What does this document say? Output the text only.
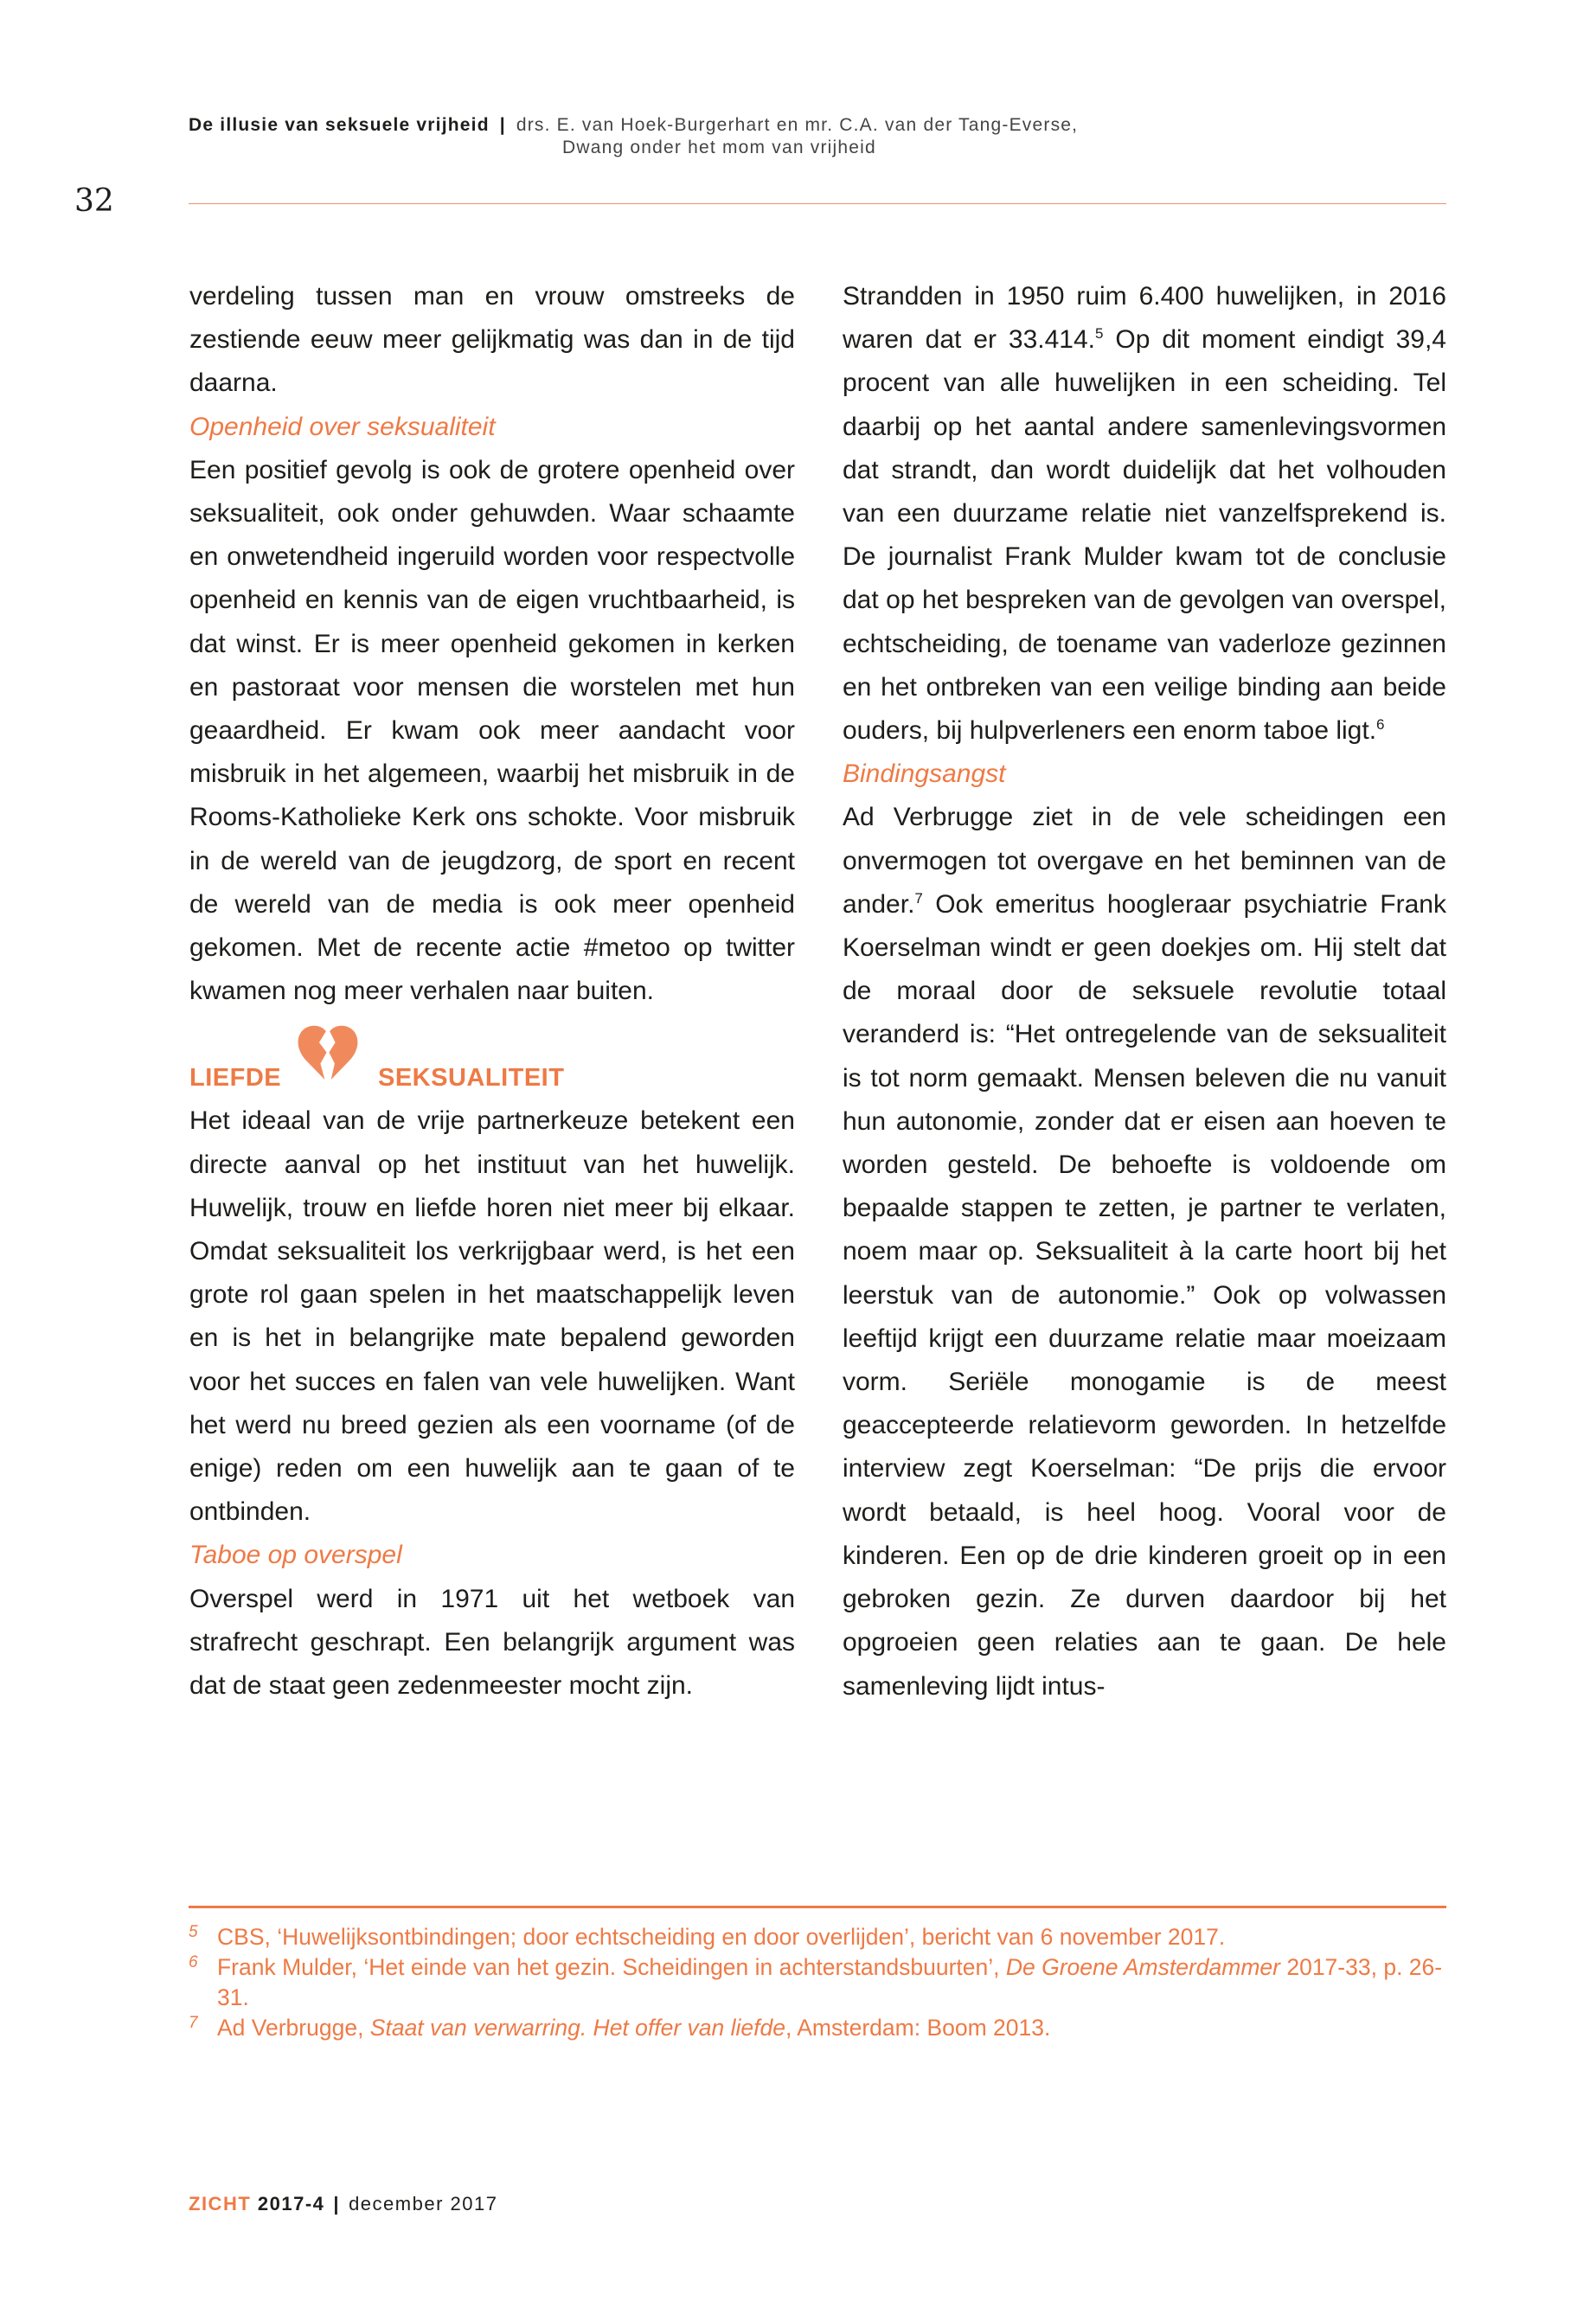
De illusie van seksuele vrijheid | drs. E. van Hoek-Burgerhart en mr. C.A. van der Tang-Everse,
Dwang onder het mom van vrijheid
32

verdeling tussen man en vrouw omstreeks de zestiende eeuw meer gelijkmatig was dan in de tijd daarna.

Openheid over seksualiteit

Een positief gevolg is ook de grotere openheid over seksualiteit, ook onder gehuwden. Waar schaamte en onwetendheid ingeruild worden voor respectvolle openheid en kennis van de eigen vruchtbaarheid, is dat winst. Er is meer openheid gekomen in kerken en pastoraat voor mensen die worstelen met hun geaardheid. Er kwam ook meer aandacht voor misbruik in het algemeen, waarbij het misbruik in de Rooms-Katholieke Kerk ons schokte. Voor misbruik in de wereld van de jeugdzorg, de sport en recent de wereld van de media is ook meer openheid gekomen. Met de recente actie #metoo op twitter kwamen nog meer verhalen naar buiten.

LIEFDE	SEKSUALITEIT

Het ideaal van de vrije partnerkeuze betekent een directe aanval op het instituut van het huwelijk. Huwelijk, trouw en liefde horen niet meer bij elkaar. Omdat seksualiteit los verkrijgbaar werd, is het een grote rol gaan spelen in het maatschappelijk leven en is het in belangrijke mate bepalend geworden voor het succes en falen van vele huwelijken. Want het werd nu breed gezien als een voorname (of de enige) reden om een huwelijk aan te gaan of te ontbinden.

Taboe op overspel

Overspel werd in 1971 uit het wetboek van strafrecht geschrapt. Een belangrijk argument was dat de staat geen zedenmeester mocht zijn.

Strandden in 1950 ruim 6.400 huwelijken, in 2016 waren dat er 33.414.$^5$ Op dit moment eindigt 39,4 procent van alle huwelijken in een scheiding. Tel daarbij op het aantal andere samenlevingsvormen dat strandt, dan wordt duidelijk dat het volhouden van een duurzame relatie niet vanzelfsprekend is. De journalist Frank Mulder kwam tot de conclusie dat op het bespreken van de gevolgen van overspel, echtscheiding, de toename van vaderloze gezinnen en het ontbreken van een veilige binding aan beide ouders, bij hulpverleners een enorm taboe ligt.$^6$

Bindingsangst

Ad Verbrugge ziet in de vele scheidingen een onvermogen tot overgave en het beminnen van de ander.$^7$ Ook emeritus hoogleraar psychiatrie Frank Koerselman windt er geen doekjes om. Hij stelt dat de moraal door de seksuele revolutie totaal veranderd is: “Het ontregelende van de seksualiteit is tot norm gemaakt. Mensen beleven die nu vanuit hun autonomie, zonder dat er eisen aan hoeven te worden gesteld. De behoefte is voldoende om bepaalde stappen te zetten, je partner te verlaten, noem maar op. Seksualiteit à la carte hoort bij het leerstuk van de autonomie.” Ook op volwassen leeftijd krijgt een duurzame relatie maar moeizaam vorm. Seriële monogamie is de meest geaccepteerde relatievorm geworden. In hetzelfde interview zegt Koerselman: “De prijs die ervoor wordt betaald, is heel hoog. Vooral voor de kinderen. Een op de drie kinderen groeit op in een gebroken gezin. Ze durven daardoor bij het opgroeien geen relaties aan te gaan. De hele samenleving lijdt intus-

5 CBS, ‘Huwelijksontbindingen; door echtscheiding en door overlijden’, bericht van 6 november 2017.
6 Frank Mulder, ‘Het einde van het gezin. Scheidingen in achterstandsbuurten’, De Groene Amsterdammer 2017-33, p. 26-31.
7 Ad Verbrugge, Staat van verwarring. Het offer van liefde, Amsterdam: Boom 2013.
ZICHT 2017-4 | december 2017
